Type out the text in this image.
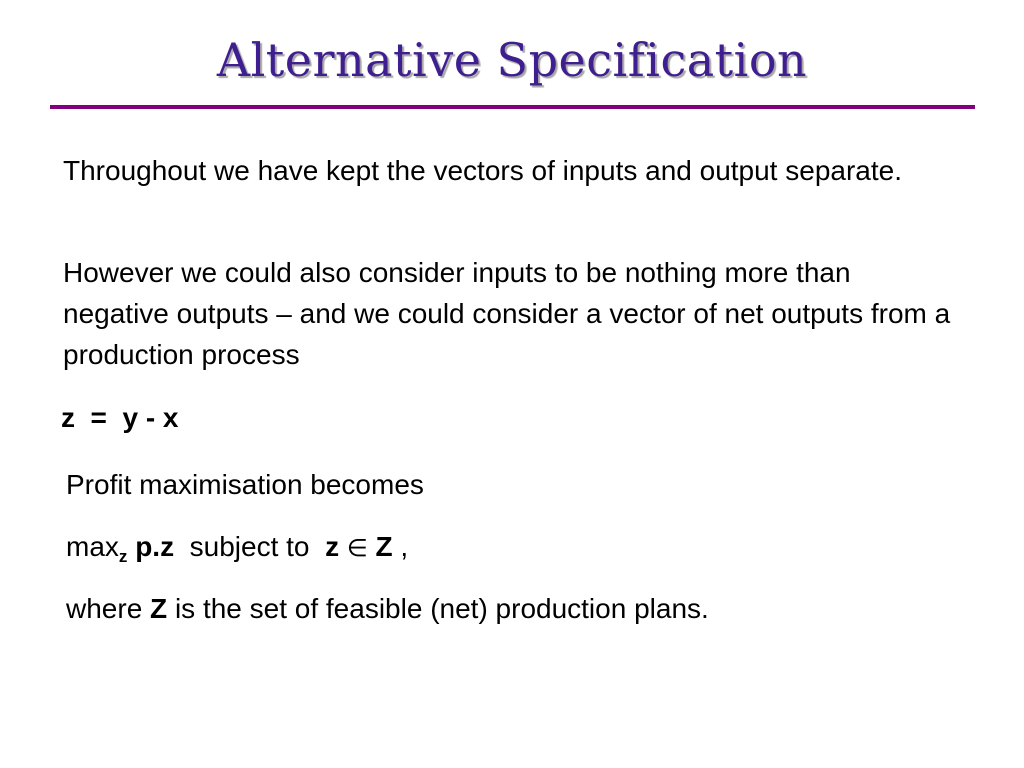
Alternative Specification

Throughout we have kept the vectors of inputs and output separate.

However we could also consider inputs to be nothing more than negative outputs – and we could consider a vector of net outputs from a production process

z  =  y - x

Profit maximisation becomes

$\max_z p.z$ subject to z ∈ Z ,

where Z is the set of feasible (net) production plans.
